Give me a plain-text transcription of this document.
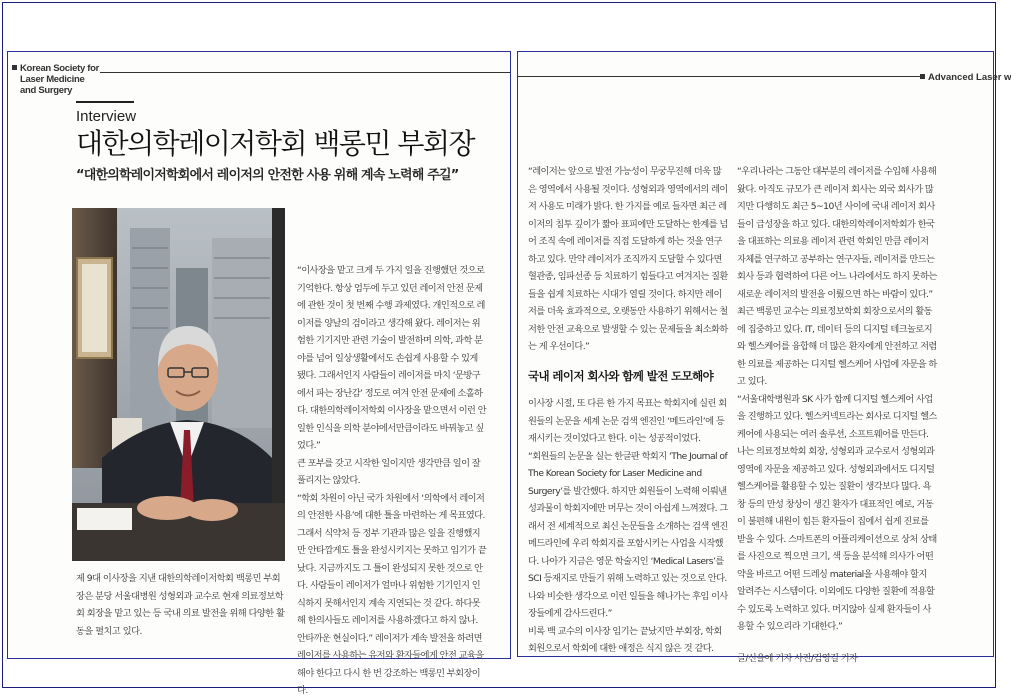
Korean Society for
Laser Medicine
and Surgery
Interview
대한의학레이저학회 백롱민 부회장
“대한의학레이저학회에서 레이저의 안전한 사용 위해 계속 노력해 주길”
제 9대 이사장을 지낸 대한의학레이저학회 백롱민 부회장은 분당 서울대병원 성형외과 교수로 현재 의료정보학회 회장을 맡고 있는 등 국내 의료 발전을 위해 다양한 활동을 펼치고 있다.

“이사장을 맡고 크게 두 가지 일을 진행했던 것으로 기억한다. 항상 엄두에 두고 있던 레이저 안전 문제에 관한 것이 첫 번째 수행 과제였다. 개인적으로 레이저를 양날의 검이라고 생각해 왔다. 레이저는 위험한 기기지만 관련 기술이 발전하며 의학, 과학 분야를 넘어 일상생활에서도 손쉽게 사용할 수 있게 됐다. 그래서인지 사람들이 레이저를 마치 ‘문방구에서 파는 장난감’ 정도로 여겨 안전 문제에 소홀하다. 대한의학레이저학회 이사장을 맡으면서 이런 안일한 인식을 의학 분야에서만큼이라도 바꿔놓고 싶었다.”

큰 포부를 갖고 시작한 일이지만 생각만큼 일이 잘 풀리지는 않았다.

“학회 차원이 아닌 국가 차원에서 ‘의학에서 레이저의 안전한 사용’에 대한 틀을 마련하는 게 목표였다. 그래서 식약처 등 정부 기관과 많은 일을 진행했지만 안타깝게도 틀을 완성시키지는 못하고 임기가 끝났다. 지금까지도 그 틀이 완성되지 못한 것으로 안다. 사람들이 레이저가 얼마나 위험한 기기인지 인식하지 못해서인지 계속 지연되는 것 같다. 하다못해 한의사들도 레이저를 사용하겠다고 하지 않나. 안타까운 현실이다.” 레이저가 계속 발전을 하려면 레이저를 사용하는 유저와 환자들에게 안전 교육을 해야 한다고 다시 한 번 강조하는 백롱민 부회장이다.

Advanced Laser w

“레이저는 앞으로 발전 가능성이 무궁무진해 더욱 많은 영역에서 사용될 것이다. 성형외과 영역에서의 레이저 사용도 미래가 밝다. 한 가지를 예로 들자면 최근 레이저의 침투 깊이가 짧아 표피에만 도달하는 한계를 넘어 조직 속에 레이저를 직접 도달하게 하는 것을 연구하고 있다. 만약 레이저가 조직까지 도달할 수 있다면 혈관종, 임파선종 등 치료하기 힘들다고 여겨지는 질환들을 쉽게 치료하는 시대가 열릴 것이다. 하지만 레이저를 더욱 효과적으로, 오랫동안 사용하기 위해서는 철저한 안전 교육으로 발생할 수 있는 문제들을 최소화하는 게 우선이다.”

국내 레이저 회사와 함께 발전 도모해야

이사장 시절, 또 다른 한 가지 목표는 학회지에 실린 회원들의 논문을 세계 논문 검색 엔진인 ‘메드라인’에 등재시키는 것이었다고 한다. 이는 성공적이었다.

“회원들의 논문을 실는 한글판 학회지 ‘The Journal of The Korean Society for Laser Medicine and Surgery’를 발간했다. 하지만 회원들이 노력해 이뤄낸 성과물이 학회지에만 머무는 것이 아쉽게 느껴졌다. 그래서 전 세계적으로 최신 논문들을 소개하는 검색 엔진 메드라인에 우리 학회지를 포함시키는 사업을 시작했다. 나아가 지금은 영문 학술지인 ‘Medical Lasers’를 SCI 등재지로 만들기 위해 노력하고 있는 것으로 안다. 나와 비슷한 생각으로 이런 일들을 해나가는 후임 이사장들에게 감사드린다.”

비록 백 교수의 이사장 임기는 끝났지만 부회장, 학회 회원으로서 학회에 대한 애정은 식지 않은 것 같다.

“우리나라는 그동안 대부분의 레이저를 수입해 사용해 왔다. 아직도 규모가 큰 레이저 회사는 외국 회사가 많지만 다행히도 최근 5~10년 사이에 국내 레이저 회사들이 급성장을 하고 있다. 대한의학레이저학회가 한국을 대표하는 의료용 레이저 관련 학회인 만큼 레이저 자체를 연구하고 공부하는 연구자들, 레이저를 만드는 회사 등과 협력하여 다른 어느 나라에서도 하지 못하는 새로운 레이저의 발전을 이뤘으면 하는 바람이 있다.”

최근 백롱민 교수는 의료정보학회 회장으로서의 활동에 집중하고 있다. IT, 데이터 등의 디지털 테크놀로지와 헬스케어를 융합해 더 많은 환자에게 안전하고 저렴한 의료를 제공하는 디지털 헬스케어 사업에 자문을 하고 있다.

“서울대학병원과 SK 사가 함께 디지털 헬스케어 사업을 진행하고 있다. 헬스커넥트라는 회사로 디지털 헬스케어에 사용되는 여러 솔루션, 소프트웨어를 만든다. 나는 의료정보학회 회장, 성형외과 교수로서 성형외과 영역에 자문을 제공하고 있다. 성형외과에서도 디지털 헬스케어를 활용할 수 있는 질환이 생각보다 많다. 욕창 등의 만성 창상이 생긴 환자가 대표적인 예로, 거동이 불편해 내원이 힘든 환자들이 집에서 쉽게 진료를 받을 수 있다. 스마트폰의 어플리케이션으로 상처 상태를 사진으로 찍으면 크기, 색 등을 분석해 의사가 어떤 약을 바르고 어떤 드레싱 material을 사용해야 할지 알려주는 시스템이다. 이외에도 다양한 질환에 적용할 수 있도록 노력하고 있다. 머지않아 실제 환자들이 사용할 수 있으리라 기대한다.”

글/신을에 기자 사진/김영길 기자
